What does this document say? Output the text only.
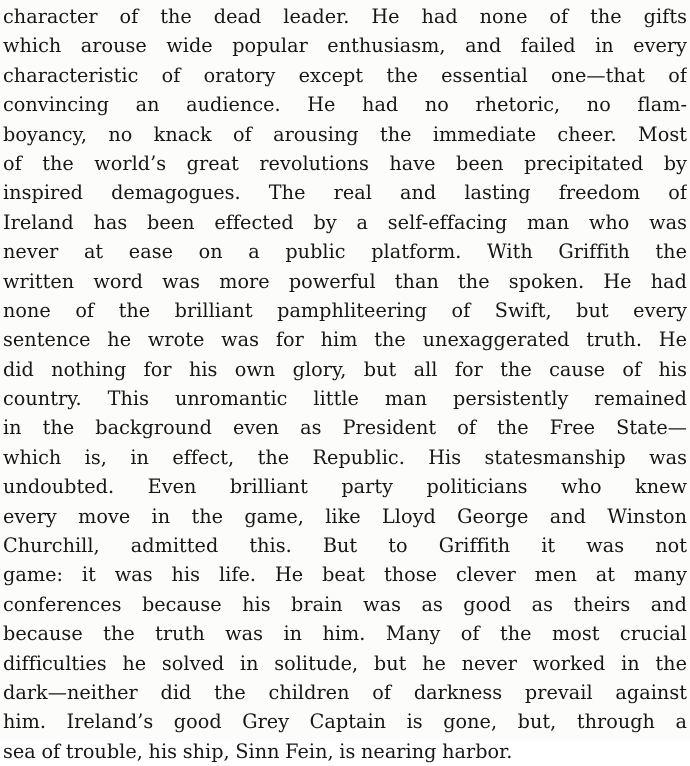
character of the dead leader. He had none of the gifts
which arouse wide popular enthusiasm, and failed in every
characteristic of oratory except the essential one—that of
convincing an audience. He had no rhetoric, no flam-
boyancy, no knack of arousing the immediate cheer. Most
of the world’s great revolutions have been precipitated by
inspired demagogues. The real and lasting freedom of
Ireland has been effected by a self-effacing man who was
never at ease on a public platform. With Griffith the
written word was more powerful than the spoken. He had
none of the brilliant pamphliteering of Swift, but every
sentence he wrote was for him the unexaggerated truth. He
did nothing for his own glory, but all for the cause of his
country. This unromantic little man persistently remained
in the background even as President of the Free State—
which is, in effect, the Republic. His statesmanship was
undoubted. Even brilliant party politicians who knew
every move in the game, like Lloyd George and Winston
Churchill, admitted this. But to Griffith it was not
game: it was his life. He beat those clever men at many
conferences because his brain was as good as theirs and
because the truth was in him. Many of the most crucial
difficulties he solved in solitude, but he never worked in the
dark—neither did the children of darkness prevail against
him. Ireland’s good Grey Captain is gone, but, through a
sea of trouble, his ship, Sinn Fein, is nearing harbor.
